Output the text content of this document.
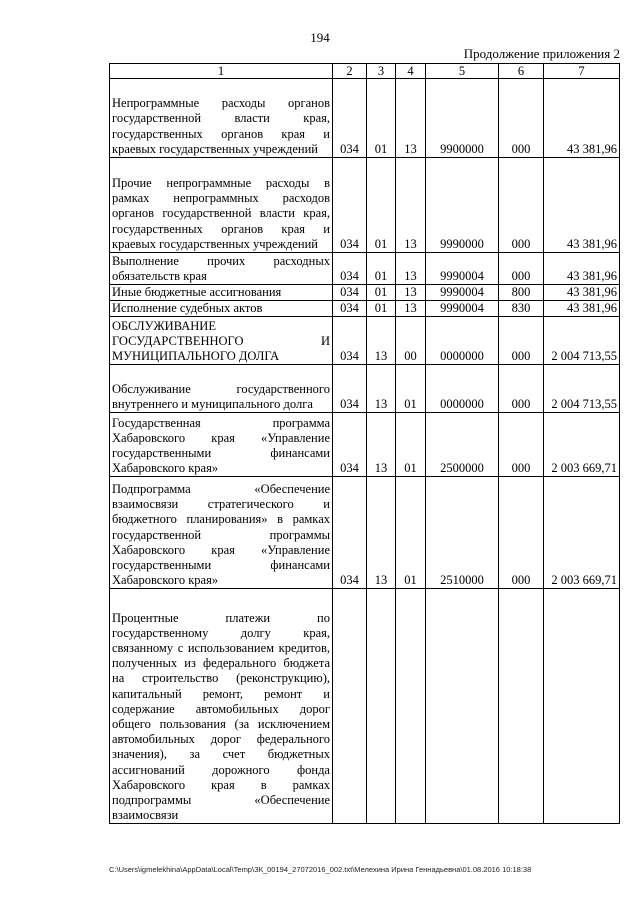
194
Продолжение приложения 2
1	2	3	4	5	6	7
Непрограммные расходы органов государственной власти края, государственных органов края и краевых государственных учреждений	034	01	13	9900000	000	43 381,96
Прочие непрограммные расходы в рамках непрограммных расходов органов государственной власти края, государственных органов края и краевых государственных учреждений	034	01	13	9990000	000	43 381,96
Выполнение прочих расходных обязательств края	034	01	13	9990004	000	43 381,96
Иные бюджетные ассигнования	034	01	13	9990004	800	43 381,96
Исполнение судебных актов	034	01	13	9990004	830	43 381,96
ОБСЛУЖИВАНИЕ ГОСУДАРСТВЕННОГО И МУНИЦИПАЛЬНОГО ДОЛГА	034	13	00	0000000	000	2 004 713,55
Обслуживание государственного внутреннего и муниципального долга	034	13	01	0000000	000	2 004 713,55
Государственная программа Хабаровского края «Управление государственными финансами Хабаровского края»	034	13	01	2500000	000	2 003 669,71
Подпрограмма «Обеспечение взаимосвязи стратегического и бюджетного планирования» в рамках государственной программы Хабаровского края «Управление государственными финансами Хабаровского края»	034	13	01	2510000	000	2 003 669,71
Процентные платежи по государственному долгу края, связанному с использованием кредитов, полученных из федерального бюджета на строительство (реконструкцию), капитальный ремонт, ремонт и содержание автомобильных дорог общего пользования (за исключением автомобильных дорог федерального значения), за счет бюджетных ассигнований дорожного фонда Хабаровского края в рамках подпрограммы «Обеспечение взаимосвязи						
C:\Users\igmelekhina\AppData\Local\Temp\ЗК_00194_27072016_002.txt\Мелехина Ирина Геннадьевна\01.08.2016 10:18:38
